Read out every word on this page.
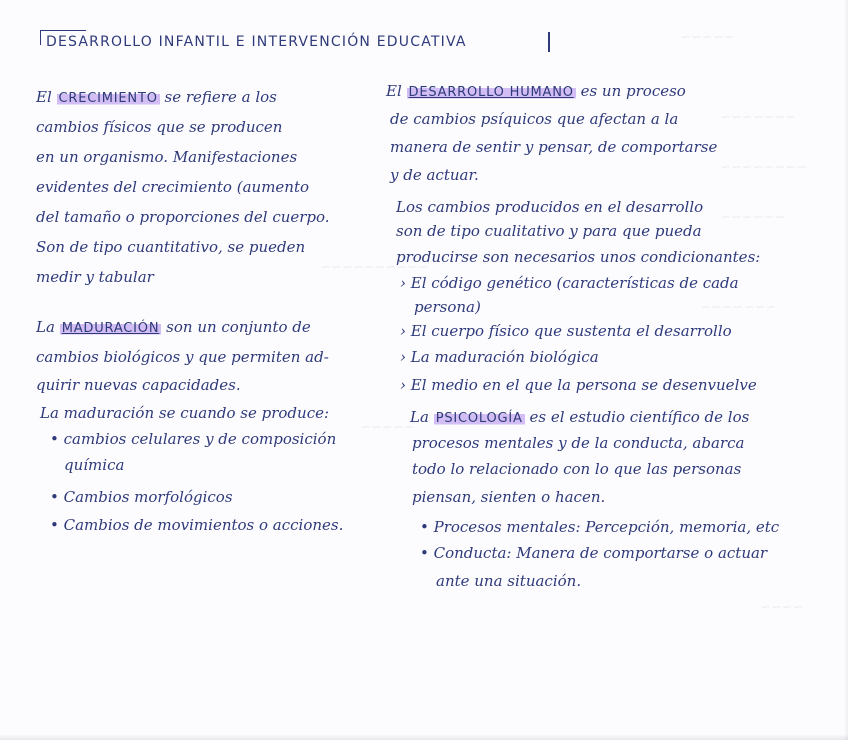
~~~~~
~~~~~~~
~~~~~~~~
~~~~~~
~~~~~~~~~~
~~~~~~~
~~~~~
~~~~
DESARROLLO INFANTIL E INTERVENCIÓN EDUCATIVA
El CRECIMIENTO se refiere a los
cambios físicos que se producen
en un organismo. Manifestaciones
evidentes del crecimiento (aumento
del tamaño o proporciones del cuerpo.
Son de tipo cuantitativo, se pueden
medir y tabular
La MADURACIÓN son un conjunto de
cambios biológicos y que permiten ad-
quirir nuevas capacidades.
La maduración se cuando se produce:
• cambios celulares y de composición
química
• Cambios morfológicos
• Cambios de movimientos o acciones.
El DESARROLLO HUMANO es un proceso
de cambios psíquicos que afectan a la
manera de sentir y pensar, de comportarse
y de actuar.
Los cambios producidos en el desarrollo
son de tipo cualitativo y para que pueda
producirse son necesarios unos condicionantes:
› El código genético (características de cada
persona)
› El cuerpo físico que sustenta el desarrollo
› La maduración biológica
› El medio en el que la persona se desenvuelve
La PSICOLOGÍA es el estudio científico de los
procesos mentales y de la conducta, abarca
todo lo relacionado con lo que las personas
piensan, sienten o hacen.
• Procesos mentales: Percepción, memoria, etc
• Conducta: Manera de comportarse o actuar
ante una situación.
